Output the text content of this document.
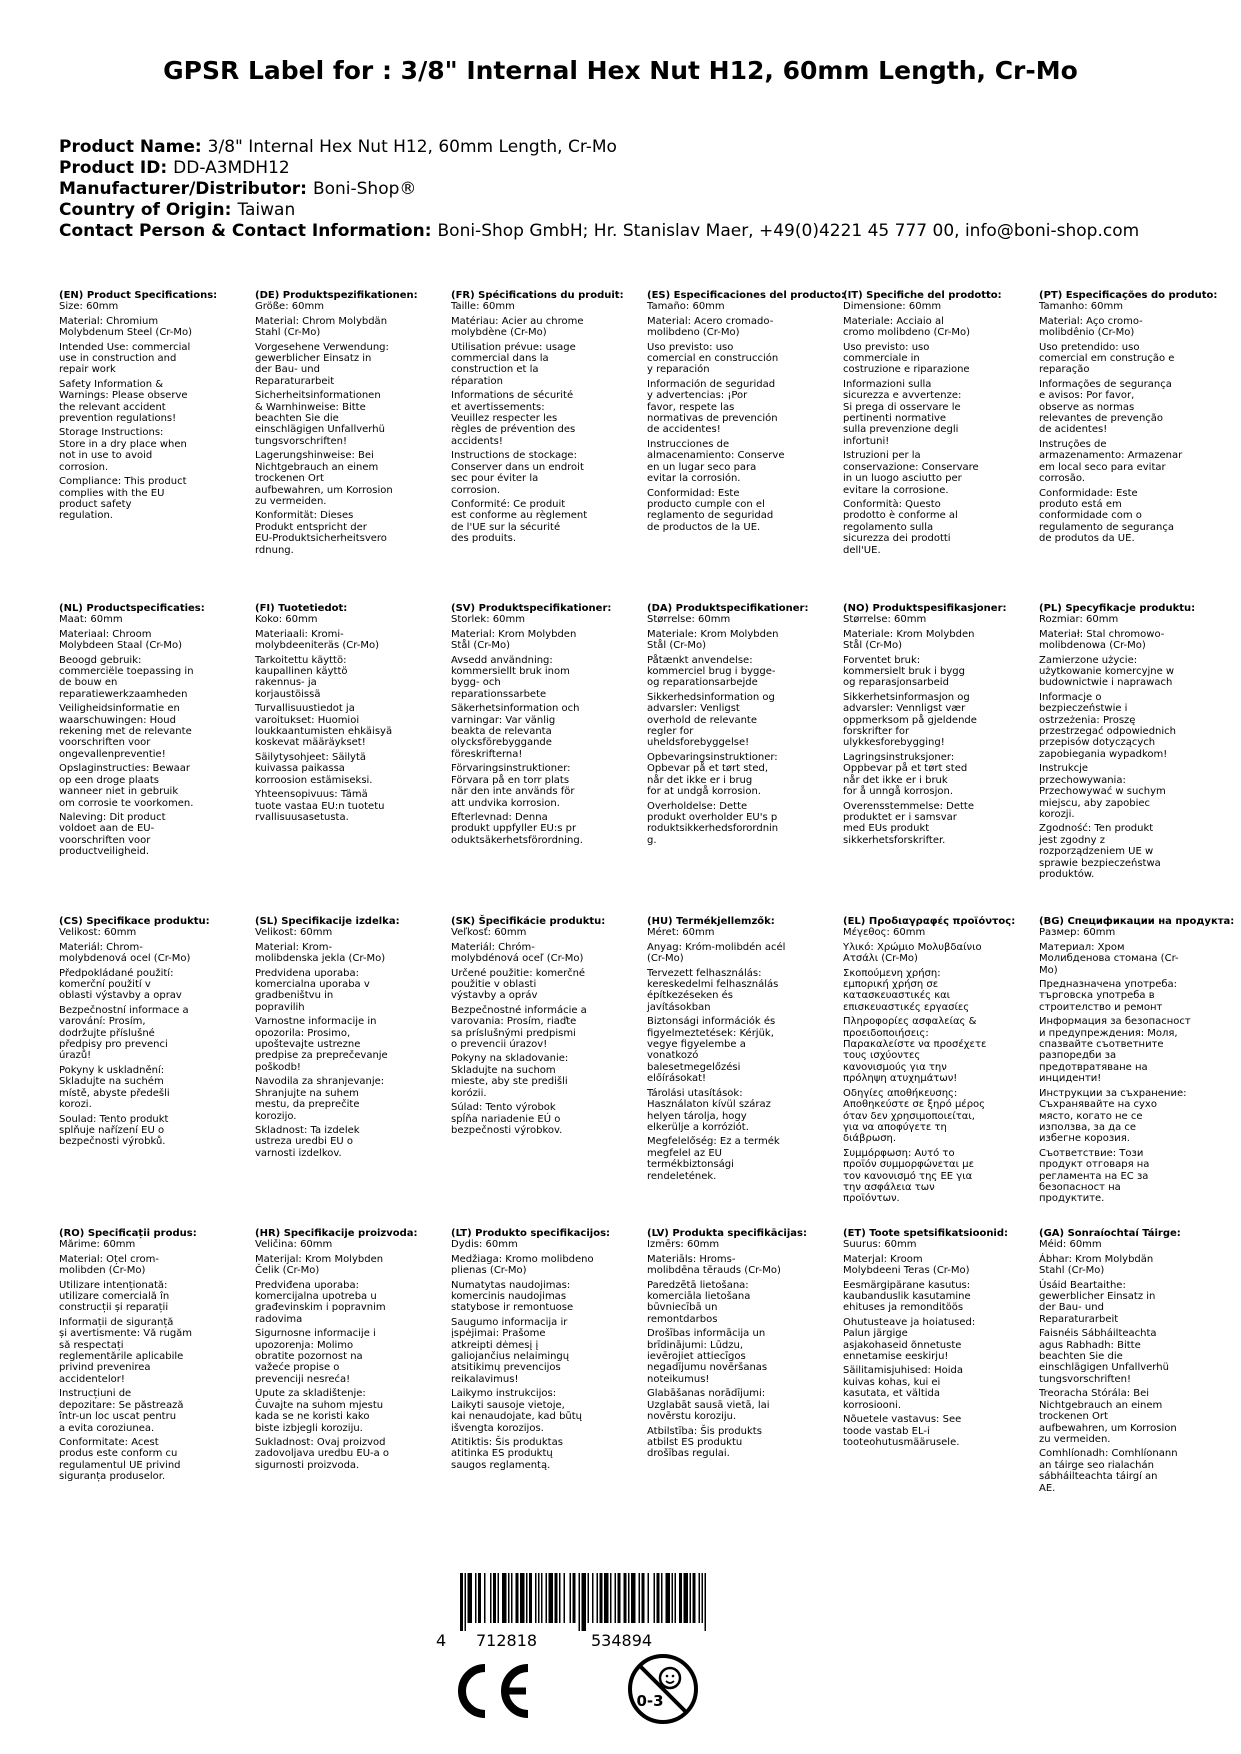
GPSR Label for : 3/8" Internal Hex Nut H12, 60mm Length, Cr-Mo
Product Name: 3/8" Internal Hex Nut H12, 60mm Length, Cr-Mo
Product ID: DD-A3MDH12
Manufacturer/Distributor: Boni-Shop®
Country of Origin: Taiwan
Contact Person & Contact Information: Boni-Shop GmbH; Hr. Stanislav Maer, +49(0)4221 45 777 00, info@boni-shop.com
(EN) Product Specifications:
Size: 60mm
Material: Chromium
Molybdenum Steel (Cr-Mo)
Intended Use: commercial
use in construction and
repair work
Safety Information &
Warnings: Please observe
the relevant accident
prevention regulations!
Storage Instructions:
Store in a dry place when
not in use to avoid
corrosion.
Compliance: This product
complies with the EU
product safety
regulation.
(DE) Produktspezifikationen:
Größe: 60mm
Material: Chrom Molybdän
Stahl (Cr-Mo)
Vorgesehene Verwendung:
gewerblicher Einsatz in
der Bau- und
Reparaturarbeit
Sicherheitsinformationen
& Warnhinweise: Bitte
beachten Sie die
einschlägigen Unfallverhü
tungsvorschriften!
Lagerungshinweise: Bei
Nichtgebrauch an einem
trockenen Ort
aufbewahren, um Korrosion
zu vermeiden.
Konformität: Dieses
Produkt entspricht der
EU-Produktsicherheitsvero
rdnung.
(FR) Spécifications du produit:
Taille: 60mm
Matériau: Acier au chrome
molybdène (Cr-Mo)
Utilisation prévue: usage
commercial dans la
construction et la
réparation
Informations de sécurité
et avertissements:
Veuillez respecter les
règles de prévention des
accidents!
Instructions de stockage:
Conserver dans un endroit
sec pour éviter la
corrosion.
Conformité: Ce produit
est conforme au règlement
de l'UE sur la sécurité
des produits.
(ES) Especificaciones del producto:
Tamaño: 60mm
Material: Acero cromado-
molibdeno (Cr-Mo)
Uso previsto: uso
comercial en construcción
y reparación
Información de seguridad
y advertencias: ¡Por
favor, respete las
normativas de prevención
de accidentes!
Instrucciones de
almacenamiento: Conserve
en un lugar seco para
evitar la corrosión.
Conformidad: Este
producto cumple con el
reglamento de seguridad
de productos de la UE.
(IT) Specifiche del prodotto:
Dimensione: 60mm
Materiale: Acciaio al
cromo molibdeno (Cr-Mo)
Uso previsto: uso
commerciale in
costruzione e riparazione
Informazioni sulla
sicurezza e avvertenze:
Si prega di osservare le
pertinenti normative
sulla prevenzione degli
infortuni!
Istruzioni per la
conservazione: Conservare
in un luogo asciutto per
evitare la corrosione.
Conformità: Questo
prodotto è conforme al
regolamento sulla
sicurezza dei prodotti
dell'UE.
(PT) Especificações do produto:
Tamanho: 60mm
Material: Aço cromo-
molibdênio (Cr-Mo)
Uso pretendido: uso
comercial em construção e
reparação
Informações de segurança
e avisos: Por favor,
observe as normas
relevantes de prevenção
de acidentes!
Instruções de
armazenamento: Armazenar
em local seco para evitar
corrosão.
Conformidade: Este
produto está em
conformidade com o
regulamento de segurança
de produtos da UE.
(NL) Productspecificaties:
Maat: 60mm
Materiaal: Chroom
Molybdeen Staal (Cr-Mo)
Beoogd gebruik:
commerciële toepassing in
de bouw en
reparatiewerkzaamheden
Veiligheidsinformatie en
waarschuwingen: Houd
rekening met de relevante
voorschriften voor
ongevallenpreventie!
Opslaginstructies: Bewaar
op een droge plaats
wanneer niet in gebruik
om corrosie te voorkomen.
Naleving: Dit product
voldoet aan de EU-
voorschriften voor
productveiligheid.
(FI) Tuotetiedot:
Koko: 60mm
Materiaali: Kromi-
molybdeeniteräs (Cr-Mo)
Tarkoitettu käyttö:
kaupallinen käyttö
rakennus- ja
korjaustöissä
Turvallisuustiedot ja
varoitukset: Huomioi
loukkaantumisten ehkäisyä
koskevat määräykset!
Säilytysohjeet: Säilytä
kuivassa paikassa
korroosion estämiseksi.
Yhteensopivuus: Tämä
tuote vastaa EU:n tuotetu
rvallisuusasetusta.
(SV) Produktspecifikationer:
Storlek: 60mm
Material: Krom Molybden
Stål (Cr-Mo)
Avsedd användning:
kommersiellt bruk inom
bygg- och
reparationssarbete
Säkerhetsinformation och
varningar: Var vänlig
beakta de relevanta
olycksförebyggande
föreskrifterna!
Förvaringsinstruktioner:
Förvara på en torr plats
när den inte används för
att undvika korrosion.
Efterlevnad: Denna
produkt uppfyller EU:s pr
oduktsäkerhetsförordning.
(DA) Produktspecifikationer:
Størrelse: 60mm
Materiale: Krom Molybden
Stål (Cr-Mo)
Påtænkt anvendelse:
kommerciel brug i bygge-
og reparationsarbejde
Sikkerhedsinformation og
advarsler: Venligst
overhold de relevante
regler for
uheldsforebyggelse!
Opbevaringsinstruktioner:
Opbevar på et tørt sted,
når det ikke er i brug
for at undgå korrosion.
Overholdelse: Dette
produkt overholder EU's p
roduktsikkerhedsforordnin
g.
(NO) Produktspesifikasjoner:
Størrelse: 60mm
Materiale: Krom Molybden
Stål (Cr-Mo)
Forventet bruk:
kommersielt bruk i bygg
og reparasjonsarbeid
Sikkerhetsinformasjon og
advarsler: Vennligst vær
oppmerksom på gjeldende
forskrifter for
ulykkesforebygging!
Lagringsinstruksjoner:
Oppbevar på et tørt sted
når det ikke er i bruk
for å unngå korrosjon.
Overensstemmelse: Dette
produktet er i samsvar
med EUs produkt
sikkerhetsforskrifter.
(PL) Specyfikacje produktu:
Rozmiar: 60mm
Materiał: Stal chromowo-
molibdenowa (Cr-Mo)
Zamierzone użycie:
użytkowanie komercyjne w
budownictwie i naprawach
Informacje o
bezpieczeństwie i
ostrzeżenia: Proszę
przestrzegać odpowiednich
przepisów dotyczących
zapobiegania wypadkom!
Instrukcje
przechowywania:
Przechowywać w suchym
miejscu, aby zapobiec
korozji.
Zgodność: Ten produkt
jest zgodny z
rozporządzeniem UE w
sprawie bezpieczeństwa
produktów.
(CS) Specifikace produktu:
Velikost: 60mm
Materiál: Chrom-
molybdenová ocel (Cr-Mo)
Předpokládané použití:
komerční použití v
oblasti výstavby a oprav
Bezpečnostní informace a
varování: Prosím,
dodržujte příslušné
předpisy pro prevenci
úrazů!
Pokyny k uskladnění:
Skladujte na suchém
místě, abyste předešli
korozi.
Soulad: Tento produkt
splňuje nařízení EU o
bezpečnosti výrobků.
(SL) Specifikacije izdelka:
Velikost: 60mm
Material: Krom-
molibdenska jekla (Cr-Mo)
Predvidena uporaba:
komercialna uporaba v
gradbeništvu in
popravilih
Varnostne informacije in
opozorila: Prosimo,
upoštevajte ustrezne
predpise za preprečevanje
poškodb!
Navodila za shranjevanje:
Shranjujte na suhem
mestu, da preprečite
korozijo.
Skladnost: Ta izdelek
ustreza uredbi EU o
varnosti izdelkov.
(SK) Špecifikácie produktu:
Veľkosť: 60mm
Materiál: Chróm-
molybdénová oceľ (Cr-Mo)
Určené použitie: komerčné
použitie v oblasti
výstavby a opráv
Bezpečnostné informácie a
varovania: Prosím, riaďte
sa príslušnými predpismi
o prevencii úrazov!
Pokyny na skladovanie:
Skladujte na suchom
mieste, aby ste predišli
korózii.
Súlad: Tento výrobok
spĺňa nariadenie EÚ o
bezpečnosti výrobkov.
(HU) Termékjellemzők:
Méret: 60mm
Anyag: Króm-molibdén acél
(Cr-Mo)
Tervezett felhasználás:
kereskedelmi felhasználás
építkezéseken és
javításokban
Biztonsági információk és
figyelmeztetések: Kérjük,
vegye figyelembe a
vonatkozó
balesetmegelőzési
előírásokat!
Tárolási utasítások:
Használaton kívül száraz
helyen tárolja, hogy
elkerülje a korróziót.
Megfelelőség: Ez a termék
megfelel az EU
termékbiztonsági
rendeletének.
(EL) Προδιαγραφές προϊόντος:
Μέγεθος: 60mm
Υλικό: Χρώμιο Μολυβδαίνιο
Ατσάλι (Cr-Mo)
Σκοπούμενη χρήση:
εμπορική χρήση σε
κατασκευαστικές και
επισκευαστικές εργασίες
Πληροφορίες ασφαλείας &
προειδοποιήσεις:
Παρακαλείστε να προσέχετε
τους ισχύοντες
κανονισμούς για την
πρόληψη ατυχημάτων!
Οδηγίες αποθήκευσης:
Αποθηκεύστε σε ξηρό μέρος
όταν δεν χρησιμοποιείται,
για να αποφύγετε τη
διάβρωση.
Συμμόρφωση: Αυτό το
προϊόν συμμορφώνεται με
τον κανονισμό της ΕΕ για
την ασφάλεια των
προϊόντων.
(BG) Спецификации на продукта:
Размер: 60mm
Материал: Хром
Молибденова стомана (Cr-
Mo)
Предназначена употреба:
търговска употреба в
строителство и ремонт
Информация за безопасност
и предупреждения: Моля,
спазвайте съответните
разпоредби за
предотвратяване на
инциденти!
Инструкции за съхранение:
Съхранявайте на сухо
място, когато не се
използва, за да се
избегне корозия.
Съответствие: Този
продукт отговаря на
регламента на ЕС за
безопасност на
продуктите.
(RO) Specificații produs:
Mărime: 60mm
Material: Oțel crom-
molibden (Cr-Mo)
Utilizare intenționată:
utilizare comercială în
construcții și reparații
Informații de siguranță
și avertismente: Vă rugăm
să respectați
reglementările aplicabile
privind prevenirea
accidentelor!
Instrucțiuni de
depozitare: Se păstrează
într-un loc uscat pentru
a evita coroziunea.
Conformitate: Acest
produs este conform cu
regulamentul UE privind
siguranța produselor.
(HR) Specifikacije proizvoda:
Veličina: 60mm
Materijal: Krom Molybden
Čelik (Cr-Mo)
Predviđena uporaba:
komercijalna upotreba u
građevinskim i popravnim
radovima
Sigurnosne informacije i
upozorenja: Molimo
obratite pozornost na
važeće propise o
prevenciji nesreća!
Upute za skladištenje:
Čuvajte na suhom mjestu
kada se ne koristi kako
biste izbjegli koroziju.
Sukladnost: Ovaj proizvod
zadovoljava uredbu EU-a o
sigurnosti proizvoda.
(LT) Produkto specifikacijos:
Dydis: 60mm
Medžiaga: Kromo molibdeno
plienas (Cr-Mo)
Numatytas naudojimas:
komercinis naudojimas
statybose ir remontuose
Saugumo informacija ir
įspėjimai: Prašome
atkreipti dėmesį į
galiojančius nelaimingų
atsitikimų prevencijos
reikalavimus!
Laikymo instrukcijos:
Laikyti sausoje vietoje,
kai nenaudojate, kad būtų
išvengta korozijos.
Atitiktis: Šis produktas
atitinka ES produktų
saugos reglamentą.
(LV) Produkta specifikācijas:
Izmērs: 60mm
Materiāls: Hroms-
molibdēna tērauds (Cr-Mo)
Paredzētā lietošana:
komerciāla lietošana
būvniecībā un
remontdarbos
Drošības informācija un
brīdinājumi: Lūdzu,
ievērojiet attiecīgos
negadījumu novēršanas
noteikumus!
Glabāšanas norādījumi:
Uzglabāt sausā vietā, lai
novērstu koroziju.
Atbilstība: Šis produkts
atbilst ES produktu
drošības regulai.
(ET) Toote spetsifikatsioonid:
Suurus: 60mm
Materjal: Kroom
Molybdeeni Teras (Cr-Mo)
Eesmärgipärane kasutus:
kaubanduslik kasutamine
ehituses ja remonditöös
Ohutusteave ja hoiatused:
Palun järgige
asjakohaseid õnnetuste
ennetamise eeskirju!
Säilitamisjuhised: Hoida
kuivas kohas, kui ei
kasutata, et vältida
korrosiooni.
Nõuetele vastavus: See
toode vastab EL-i
tooteohutusmäärusele.
(GA) Sonraíochtaí Táirge:
Méid: 60mm
Ábhar: Krom Molybdän
Stahl (Cr-Mo)
Úsáid Beartaithe:
gewerblicher Einsatz in
der Bau- und
Reparaturarbeit
Faisnéis Sábháilteachta
agus Rabhadh: Bitte
beachten Sie die
einschlägigen Unfallverhü
tungsvorschriften!
Treoracha Stórála: Bei
Nichtgebrauch an einem
trockenen Ort
aufbewahren, um Korrosion
zu vermeiden.
Comhlíonadh: Comhlíonann
an táirge seo rialachán
sábháilteachta táirgí an
AE.
4 712818	534894
0-3
